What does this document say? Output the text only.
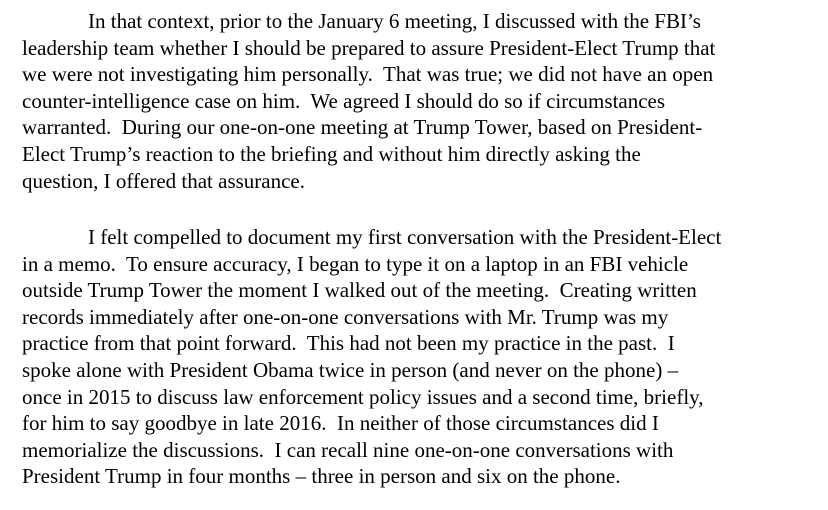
In that context, prior to the January 6 meeting, I discussed with the FBI’s
leadership team whether I should be prepared to assure President-Elect Trump that
we were not investigating him personally.  That was true; we did not have an open
counter-intelligence case on him.  We agreed I should do so if circumstances
warranted.  During our one-on-one meeting at Trump Tower, based on President-
Elect Trump’s reaction to the briefing and without him directly asking the
question, I offered that assurance.

I felt compelled to document my first conversation with the President-Elect
in a memo.  To ensure accuracy, I began to type it on a laptop in an FBI vehicle
outside Trump Tower the moment I walked out of the meeting.  Creating written
records immediately after one-on-one conversations with Mr. Trump was my
practice from that point forward.  This had not been my practice in the past.  I
spoke alone with President Obama twice in person (and never on the phone) –
once in 2015 to discuss law enforcement policy issues and a second time, briefly,
for him to say goodbye in late 2016.  In neither of those circumstances did I
memorialize the discussions.  I can recall nine one-on-one conversations with
President Trump in four months – three in person and six on the phone.
